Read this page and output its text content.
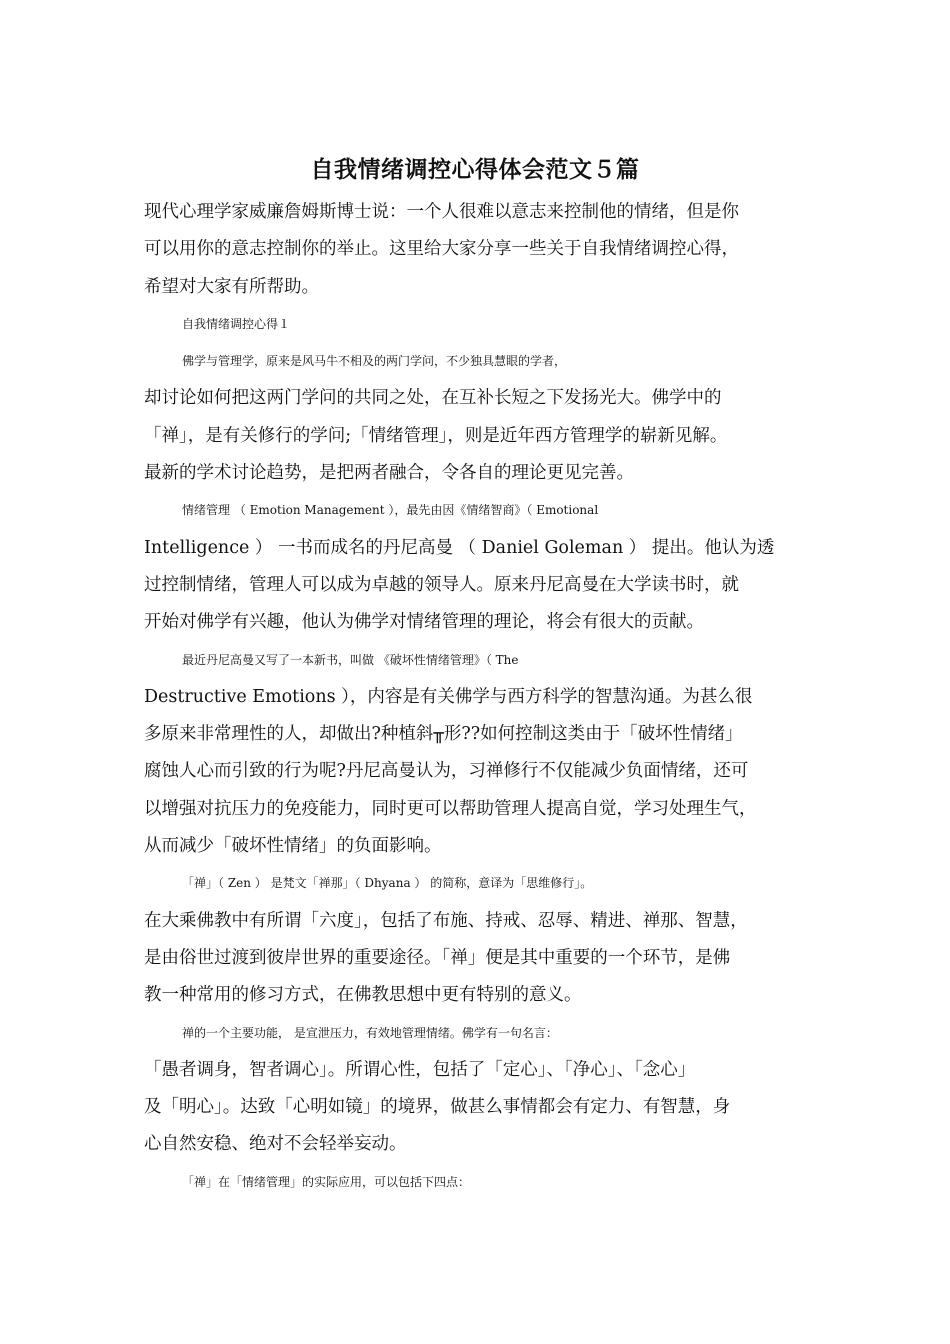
自我情绪调控心得体会范文５篇
现代心理学家威廉詹姆斯博士说：一个人很难以意志来控制他的情绪，但是你
可以用你的意志控制你的举止。这里给大家分享一些关于自我情绪调控心得，
希望对大家有所帮助。
自我情绪调控心得１
佛学与管理学，原来是风马牛不相及的两门学问，不少独具慧眼的学者，
却讨论如何把这两门学问的共同之处，在互补长短之下发扬光大。佛学中的
「禅」，是有关修行的学问;「情绪管理」，则是近年西方管理学的崭新见解。
最新的学术讨论趋势，是把两者融合，令各自的理论更见完善。
情绪管理 （ Emotion Management ），最先由因《情绪智商》（ Emotional
Intelligence ） 一书而成名的丹尼高曼 （ Daniel Goleman ） 提出。他认为透
过控制情绪，管理人可以成为卓越的领导人。原来丹尼高曼在大学读书时，就
开始对佛学有兴趣，他认为佛学对情绪管理的理论，将会有很大的贡献。
最近丹尼高曼又写了一本新书，叫做 《破坏性情绪管理》（ The
Destructive Emotions ），内容是有关佛学与西方科学的智慧沟通。为甚么很
多原来非常理性的人，却做出?种植斜╥形??如何控制这类由于「破坏性情绪」
腐蚀人心而引致的行为呢?丹尼高曼认为，习禅修行不仅能减少负面情绪，还可
以增强对抗压力的免疫能力，同时更可以帮助管理人提高自觉，学习处理生气，
从而减少「破坏性情绪」的负面影响。
「禅」（ Zen ） 是梵文「禅那」（ Dhyana ） 的简称，意译为「思维修行」。
在大乘佛教中有所谓「六度」，包括了布施、持戒、忍辱、精进、禅那、智慧，
是由俗世过渡到彼岸世界的重要途径。「禅」便是其中重要的一个环节，是佛
教一种常用的修习方式，在佛教思想中更有特别的意义。
禅的一个主要功能， 是宣泄压力，有效地管理情绪。佛学有一句名言：
「愚者调身，智者调心」。所谓心性，包括了「定心」、「净心」、「念心」
及「明心」。达致「心明如镜」的境界，做甚么事情都会有定力、有智慧，身
心自然安稳、绝对不会轻举妄动。
「禅」在「情绪管理」的实际应用，可以包括下四点：
